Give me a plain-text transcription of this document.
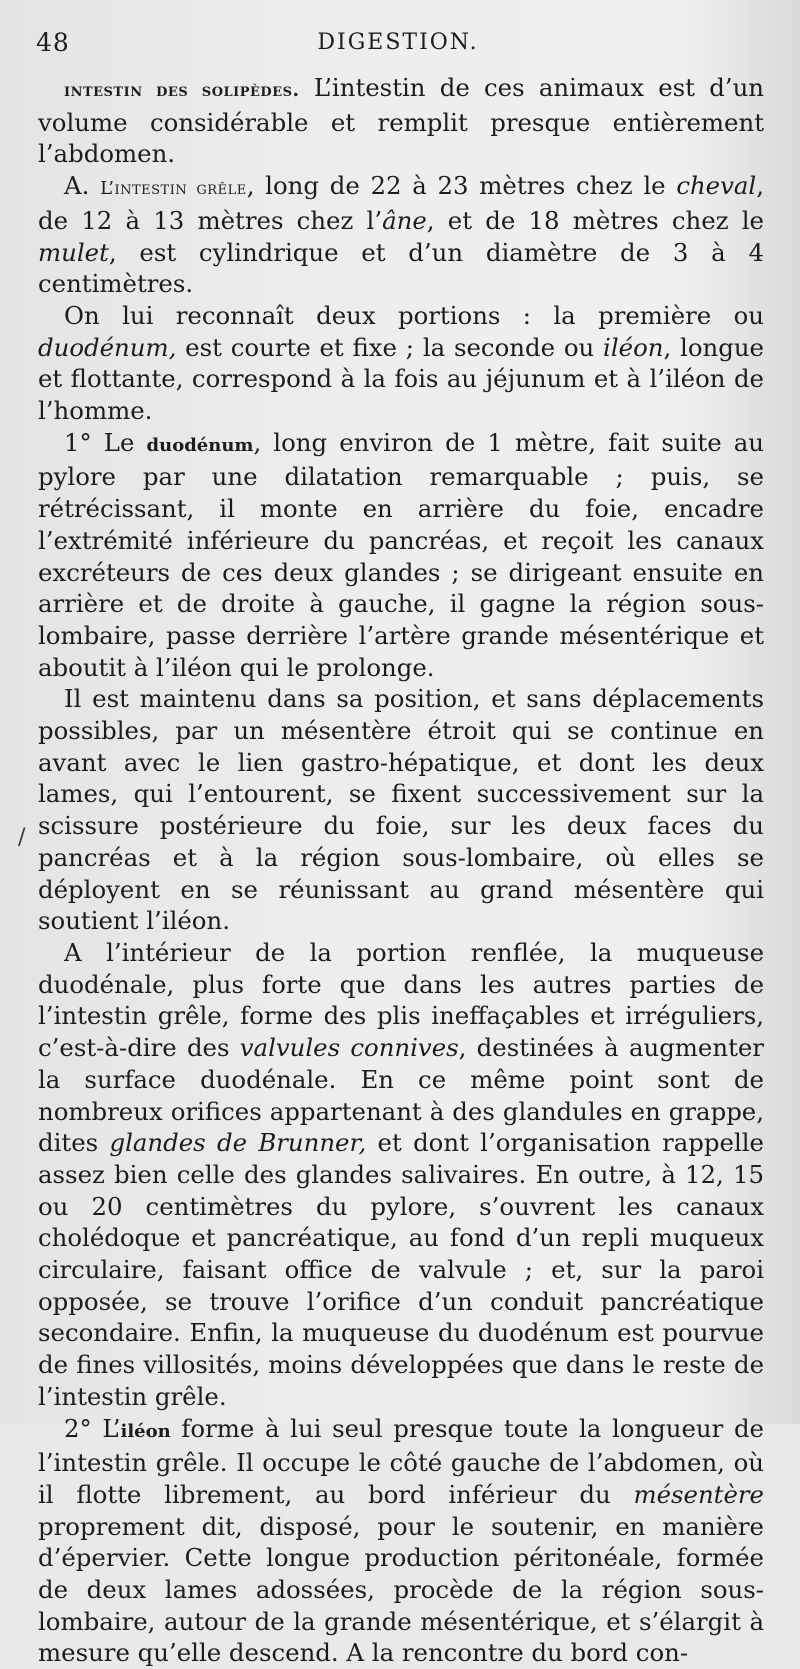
48	DIGESTION.
/

intestin des solipèdes. L’intestin de ces animaux est d’un volume considérable et remplit presque entièrement l’abdomen.

A. L’intestin grêle, long de 22 à 23 mètres chez le cheval, de 12 à 13 mètres chez l’âne, et de 18 mètres chez le mulet, est cylindrique et d’un diamètre de 3 à 4 centimètres.

On lui reconnaît deux portions : la première ou duodénum, est courte et fixe ; la seconde ou iléon, longue et flottante, correspond à la fois au jéjunum et à l’iléon de l’homme.

1° Le duodénum, long environ de 1 mètre, fait suite au pylore par une dilatation remarquable ; puis, se rétrécissant, il monte en arrière du foie, encadre l’extrémité inférieure du pancréas, et reçoit les canaux excréteurs de ces deux glandes ; se dirigeant ensuite en arrière et de droite à gauche, il gagne la région sous-lombaire, passe derrière l’artère grande mésentérique et aboutit à l’iléon qui le prolonge.

Il est maintenu dans sa position, et sans déplacements possibles, par un mésentère étroit qui se continue en avant avec le lien gastro-hépatique, et dont les deux lames, qui l’entourent, se fixent successivement sur la scissure postérieure du foie, sur les deux faces du pancréas et à la région sous-lombaire, où elles se déployent en se réunissant au grand mésentère qui soutient l’iléon.

A l’intérieur de la portion renflée, la muqueuse duodénale, plus forte que dans les autres parties de l’intestin grêle, forme des plis ineffaçables et irréguliers, c’est-à-dire des valvules connives, destinées à augmenter la surface duodénale. En ce même point sont de nombreux orifices appartenant à des glandules en grappe, dites glandes de Brunner, et dont l’organisation rappelle assez bien celle des glandes salivaires. En outre, à 12, 15 ou 20 centimètres du pylore, s’ouvrent les canaux cholédoque et pancréatique, au fond d’un repli muqueux circulaire, faisant office de valvule ; et, sur la paroi opposée, se trouve l’orifice d’un conduit pancréatique secondaire. Enfin, la muqueuse du duodénum est pourvue de fines villosités, moins développées que dans le reste de l’intestin grêle.

2° L’iléon forme à lui seul presque toute la longueur de l’intestin grêle. Il occupe le côté gauche de l’abdomen, où il flotte librement, au bord inférieur du mésentère proprement dit, disposé, pour le soutenir, en manière d’épervier. Cette longue production péritonéale, formée de deux lames adossées, procède de la région sous-lombaire, autour de la grande mésentérique, et s’élargit à mesure qu’elle descend. A la rencontre du bord con-
